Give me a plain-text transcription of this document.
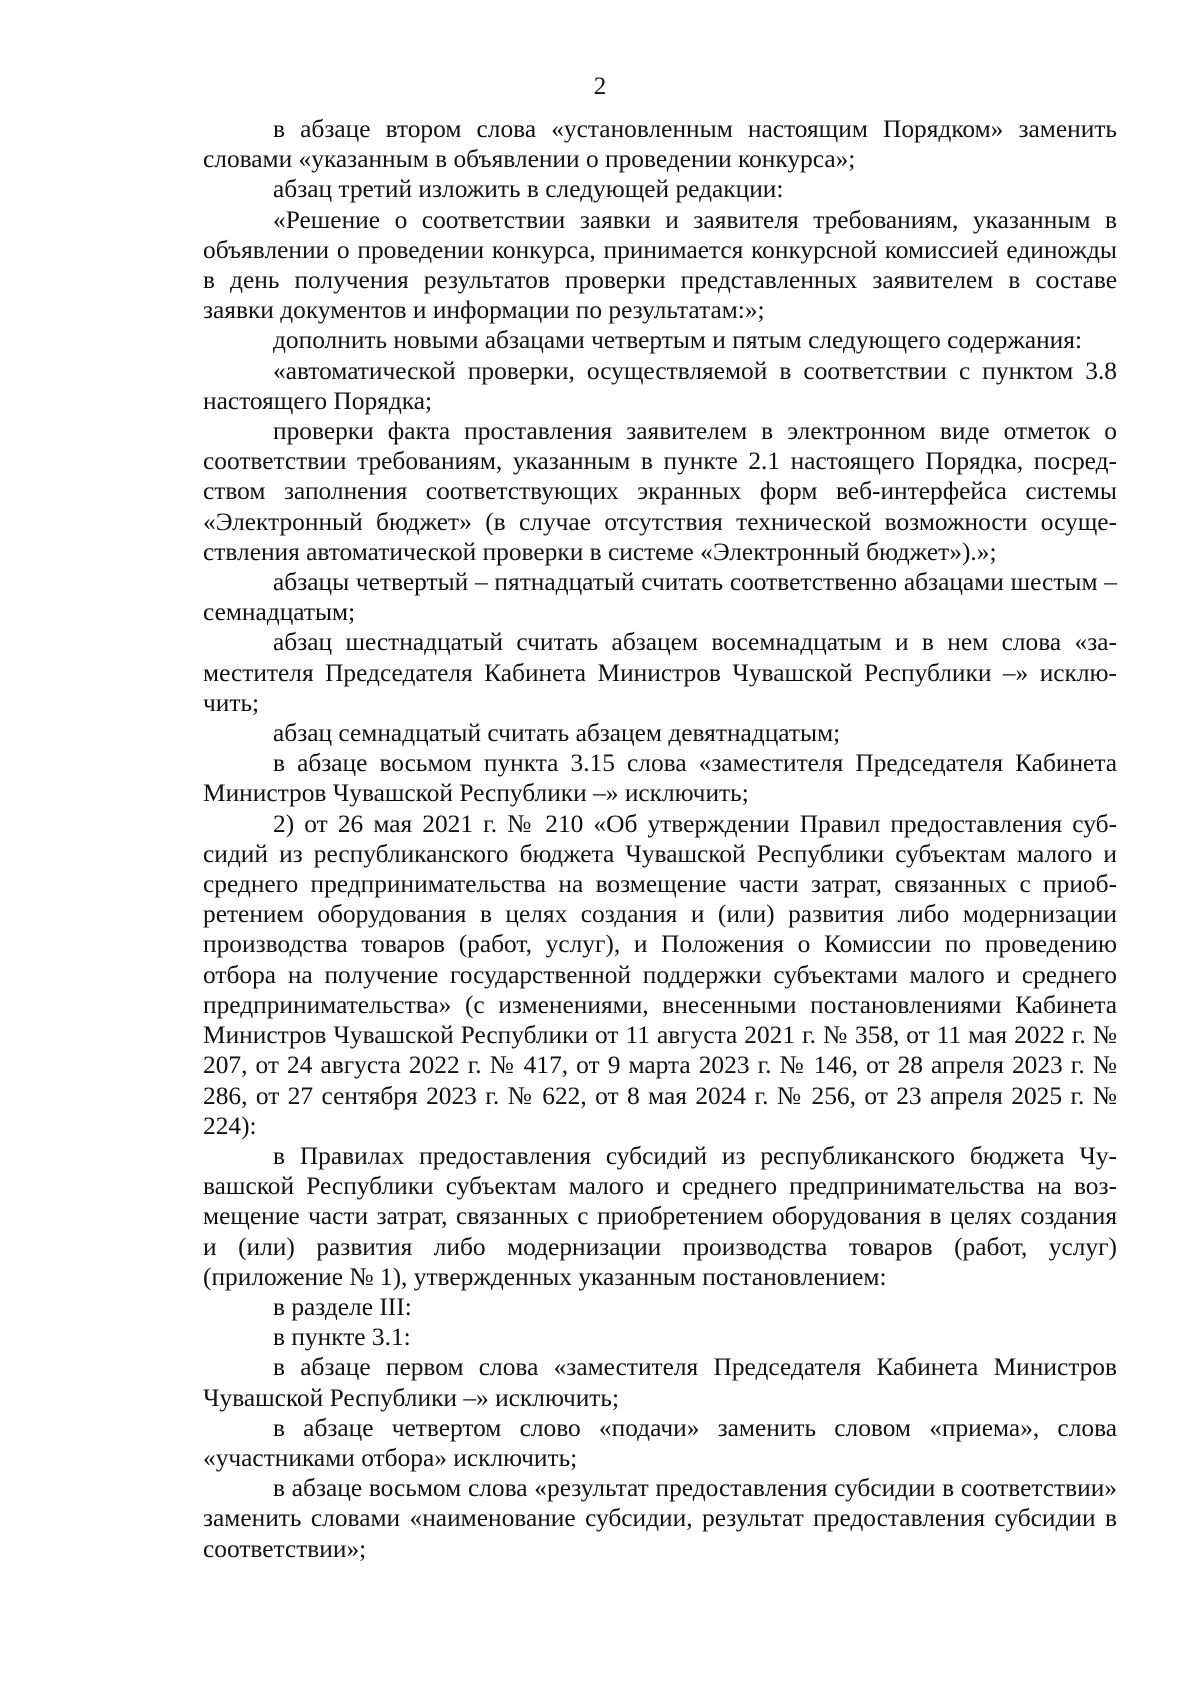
2

в абзаце втором слова «установленным настоящим Порядком» заменить словами «указанным в объявлении о проведении конкурса»;

абзац третий изложить в следующей редакции:

«Решение о соответствии заявки и заявителя требованиям, указанным в объявлении о проведении конкурса, принимается конкурсной комиссией единожды в день получения результатов проверки представленных заявителем в составе заявки документов и информации по результатам:»;

дополнить новыми абзацами четвертым и пятым следующего содержания:

«автоматической проверки, осуществляемой в соответствии с пунктом 3.8 настоящего Порядка;

проверки факта проставления заявителем в электронном виде отметок о соответствии требованиям, указанным в пункте 2.1 настоящего Порядка, посредством заполнения соответствующих экранных форм веб-интерфейса системы «Электронный бюджет» (в случае отсутствия технической возможности осуществления автоматической проверки в системе «Электронный бюджет»).»;

абзацы четвертый – пятнадцатый считать соответственно абзацами шестым – семнадцатым;

абзац шестнадцатый считать абзацем восемнадцатым и в нем слова «заместителя Председателя Кабинета Министров Чувашской Республики –» исключить;

абзац семнадцатый считать абзацем девятнадцатым;

в абзаце восьмом пункта 3.15 слова «заместителя Председателя Кабинета Министров Чувашской Республики –» исключить;

2) от 26 мая 2021 г. № 210 «Об утверждении Правил предоставления субсидий из республиканского бюджета Чувашской Республики субъектам малого и среднего предпринимательства на возмещение части затрат, связанных с приобретением оборудования в целях создания и (или) развития либо модернизации производства товаров (работ, услуг), и Положения о Комиссии по проведению отбора на получение государственной поддержки субъектами малого и среднего предпринимательства» (с изменениями, внесенными постановлениями Кабинета Министров Чувашской Республики от 11 августа 2021 г. № 358, от 11 мая 2022 г. № 207, от 24 августа 2022 г. № 417, от 9 марта 2023 г. № 146, от 28 апреля 2023 г. № 286, от 27 сентября 2023 г. № 622, от 8 мая 2024 г. № 256, от 23 апреля 2025 г. № 224):

в Правилах предоставления субсидий из республиканского бюджета Чувашской Республики субъектам малого и среднего предпринимательства на возмещение части затрат, связанных с приобретением оборудования в целях создания и (или) развития либо модернизации производства товаров (работ, услуг) (приложение № 1), утвержденных указанным постановлением:

в разделе III:

в пункте 3.1:

в абзаце первом слова «заместителя Председателя Кабинета Министров Чувашской Республики –» исключить;

в абзаце четвертом слово «подачи» заменить словом «приема», слова «участниками отбора» исключить;

в абзаце восьмом слова «результат предоставления субсидии в соответствии» заменить словами «наименование субсидии, результат предоставления субсидии в соответствии»;
